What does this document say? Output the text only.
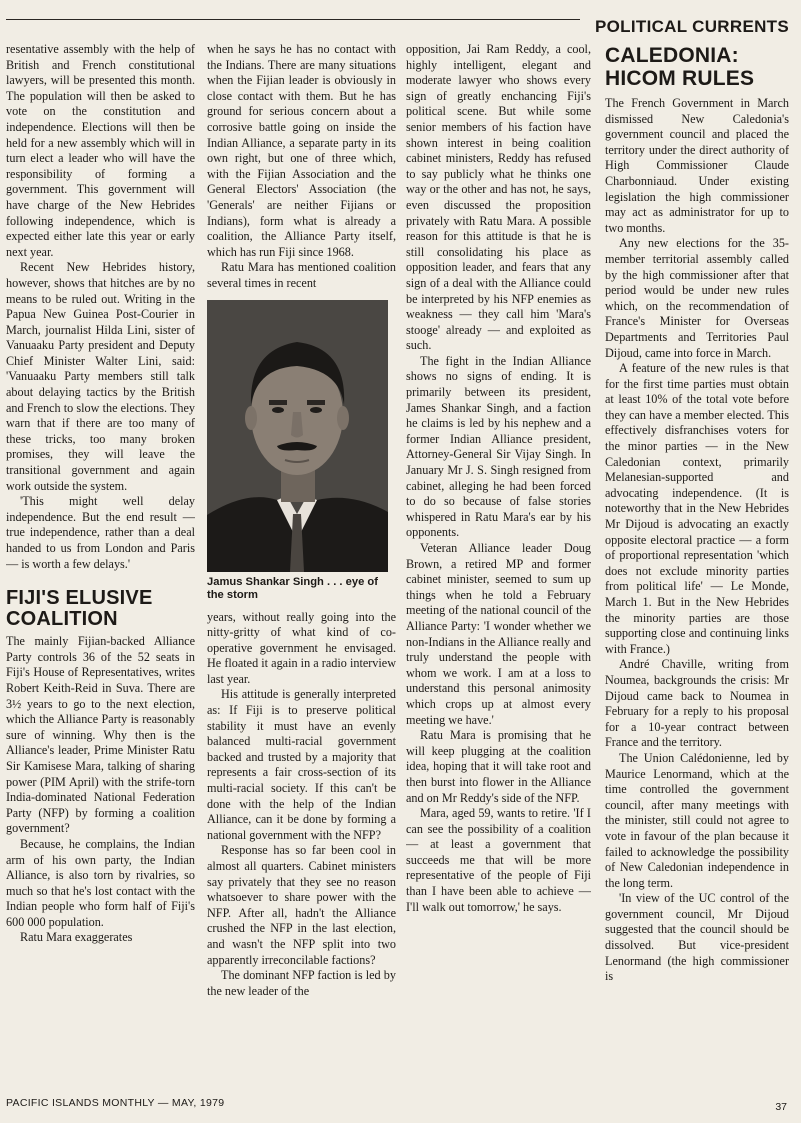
POLITICAL CURRENTS

resentative assembly with the help of British and French constitutional lawyers, will be presented this month. The population will then be asked to vote on the constitution and independence. Elections will then be held for a new assembly which will in turn elect a leader who will have the responsibility of forming a government. This government will have charge of the New Hebrides following independence, which is expected either late this year or early next year.

Recent New Hebrides history, however, shows that hitches are by no means to be ruled out. Writing in the Papua New Guinea Post-Courier in March, journalist Hilda Lini, sister of Vanuaaku Party president and Deputy Chief Minister Walter Lini, said: 'Vanuaaku Party members still talk about delaying tactics by the British and French to slow the elections. They warn that if there are too many of these tricks, too many broken promises, they will leave the transitional government and again work outside the system.

'This might well delay independence. But the end result — true independence, rather than a deal handed to us from London and Paris — is worth a few delays.'

FIJI'S ELUSIVE COALITION

The mainly Fijian-backed Alliance Party controls 36 of the 52 seats in Fiji's House of Representatives, writes Robert Keith-Reid in Suva. There are 3½ years to go to the next election, which the Alliance Party is reasonably sure of winning. Why then is the Alliance's leader, Prime Minister Ratu Sir Kamisese Mara, talking of sharing power (PIM April) with the strife-torn India-dominated National Federation Party (NFP) by forming a coalition government?

Because, he complains, the Indian arm of his own party, the Indian Alliance, is also torn by rivalries, so much so that he's lost contact with the Indian people who form half of Fiji's 600 000 population.

Ratu Mara exaggerates

when he says he has no contact with the Indians. There are many situations when the Fijian leader is obviously in close contact with them. But he has ground for serious concern about a corrosive battle going on inside the Indian Alliance, a separate party in its own right, but one of three which, with the Fijian Association and the General Electors' Association (the 'Generals' are neither Fijians or Indians), form what is already a coalition, the Alliance Party itself, which has run Fiji since 1968.

Ratu Mara has mentioned coalition several times in recent

Jamus Shankar Singh . . . eye of the storm

years, without really going into the nitty-gritty of what kind of co-operative government he envisaged. He floated it again in a radio interview last year.

His attitude is generally interpreted as: If Fiji is to preserve political stability it must have an evenly balanced multi-racial government backed and trusted by a majority that represents a fair cross-section of its multi-racial society. If this can't be done with the help of the Indian Alliance, can it be done by forming a national government with the NFP?

Response has so far been cool in almost all quarters. Cabinet ministers say privately that they see no reason whatsoever to share power with the NFP. After all, hadn't the Alliance crushed the NFP in the last election, and wasn't the NFP split into two apparently irreconcilable factions?

The dominant NFP faction is led by the new leader of the

opposition, Jai Ram Reddy, a cool, highly intelligent, elegant and moderate lawyer who shows every sign of greatly enchancing Fiji's political scene. But while some senior members of his faction have shown interest in being coalition cabinet ministers, Reddy has refused to say publicly what he thinks one way or the other and has not, he says, even discussed the proposition privately with Ratu Mara. A possible reason for this attitude is that he is still consolidating his place as opposition leader, and fears that any sign of a deal with the Alliance could be interpreted by his NFP enemies as weakness — they call him 'Mara's stooge' already — and exploited as such.

The fight in the Indian Alliance shows no signs of ending. It is primarily between its president, James Shankar Singh, and a faction he claims is led by his nephew and a former Indian Alliance president, Attorney-General Sir Vijay Singh. In January Mr J. S. Singh resigned from cabinet, alleging he had been forced to do so because of false stories whispered in Ratu Mara's ear by his opponents.

Veteran Alliance leader Doug Brown, a retired MP and former cabinet minister, seemed to sum up things when he told a February meeting of the national council of the Alliance Party: 'I wonder whether we non-Indians in the Alliance really and truly understand the people with whom we work. I am at a loss to understand this personal animosity which crops up at almost every meeting we have.'

Ratu Mara is promising that he will keep plugging at the coalition idea, hoping that it will take root and then burst into flower in the Alliance and on Mr Reddy's side of the NFP.

Mara, aged 59, wants to retire. 'If I can see the possibility of a coalition — at least a government that succeeds me that will be more representative of the people of Fiji than I have been able to achieve — I'll walk out tomorrow,' he says.

CALEDONIA: HICOM RULES

The French Government in March dismissed New Caledonia's government council and placed the territory under the direct authority of High Commissioner Claude Charbonniaud. Under existing legislation the high commissioner may act as administrator for up to two months.

Any new elections for the 35-member territorial assembly called by the high commissioner after that period would be under new rules which, on the recommendation of France's Minister for Overseas Departments and Territories Paul Dijoud, came into force in March.

A feature of the new rules is that for the first time parties must obtain at least 10% of the total vote before they can have a member elected. This effectively disfranchises voters for the minor parties — in the New Caledonian context, primarily Melanesian-supported and advocating independence. (It is noteworthy that in the New Hebrides Mr Dijoud is advocating an exactly opposite electoral practice — a form of proportional representation 'which does not exclude minority parties from political life' — Le Monde, March 1. But in the New Hebrides the minority parties are those supporting close and continuing links with France.)

André Chaville, writing from Noumea, backgrounds the crisis: Mr Dijoud came back to Noumea in February for a reply to his proposal for a 10-year contract between France and the territory.

The Union Calédonienne, led by Maurice Lenormand, which at the time controlled the government council, after many meetings with the minister, still could not agree to vote in favour of the plan because it failed to acknowledge the possibility of New Caledonian independence in the long term.

'In view of the UC control of the government council, Mr Dijoud suggested that the council should be dissolved. But vice-president Lenormand (the high commissioner is

PACIFIC ISLANDS MONTHLY — MAY, 1979	37
